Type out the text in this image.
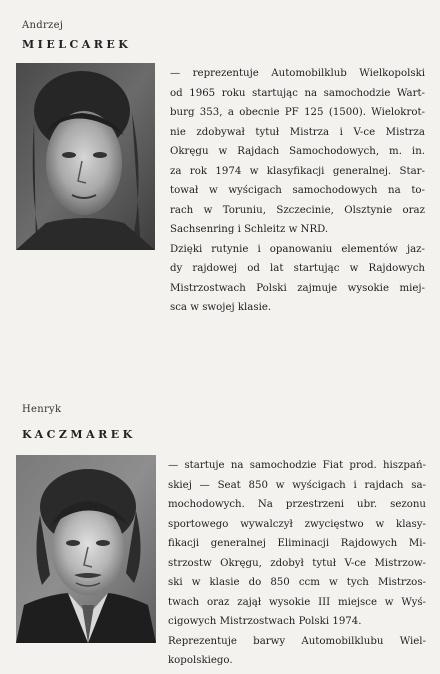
Andrzej
MIELCAREK

— reprezentuje Automobilklub Wielkopolski
od 1965 roku startując na samochodzie Wart-
burg 353, a obecnie PF 125 (1500). Wielokrot-
nie zdobywał tytuł Mistrza i V-ce Mistrza
Okręgu w Rajdach Samochodowych, m. in.
za rok 1974 w klasyfikacji generalnej. Star-
tował w wyścigach samochodowych na to-
rach w Toruniu, Szczecinie, Olsztynie oraz
Sachsenring i Schleitz w NRD.
Dzięki rutynie i opanowaniu elementów jaz-
dy rajdowej od lat startując w Rajdowych
Mistrzostwach Polski zajmuje wysokie miej-
sca w swojej klasie.

Henryk
KACZMAREK

— startuje na samochodzie Fiat prod. hiszpań-
skiej — Seat 850 w wyścigach i rajdach sa-
mochodowych. Na przestrzeni ubr. sezonu
sportowego wywalczył zwycięstwo w klasy-
fikacji generalnej Eliminacji Rajdowych Mi-
strzostw Okręgu, zdobył tytuł V-ce Mistrzow-
ski w klasie do 850 ccm w tych Mistrzos-
twach oraz zajął wysokie III miejsce w Wyś-
cigowych Mistrzostwach Polski 1974.
Reprezentuje barwy Automobilklubu Wiel-
kopolskiego.
